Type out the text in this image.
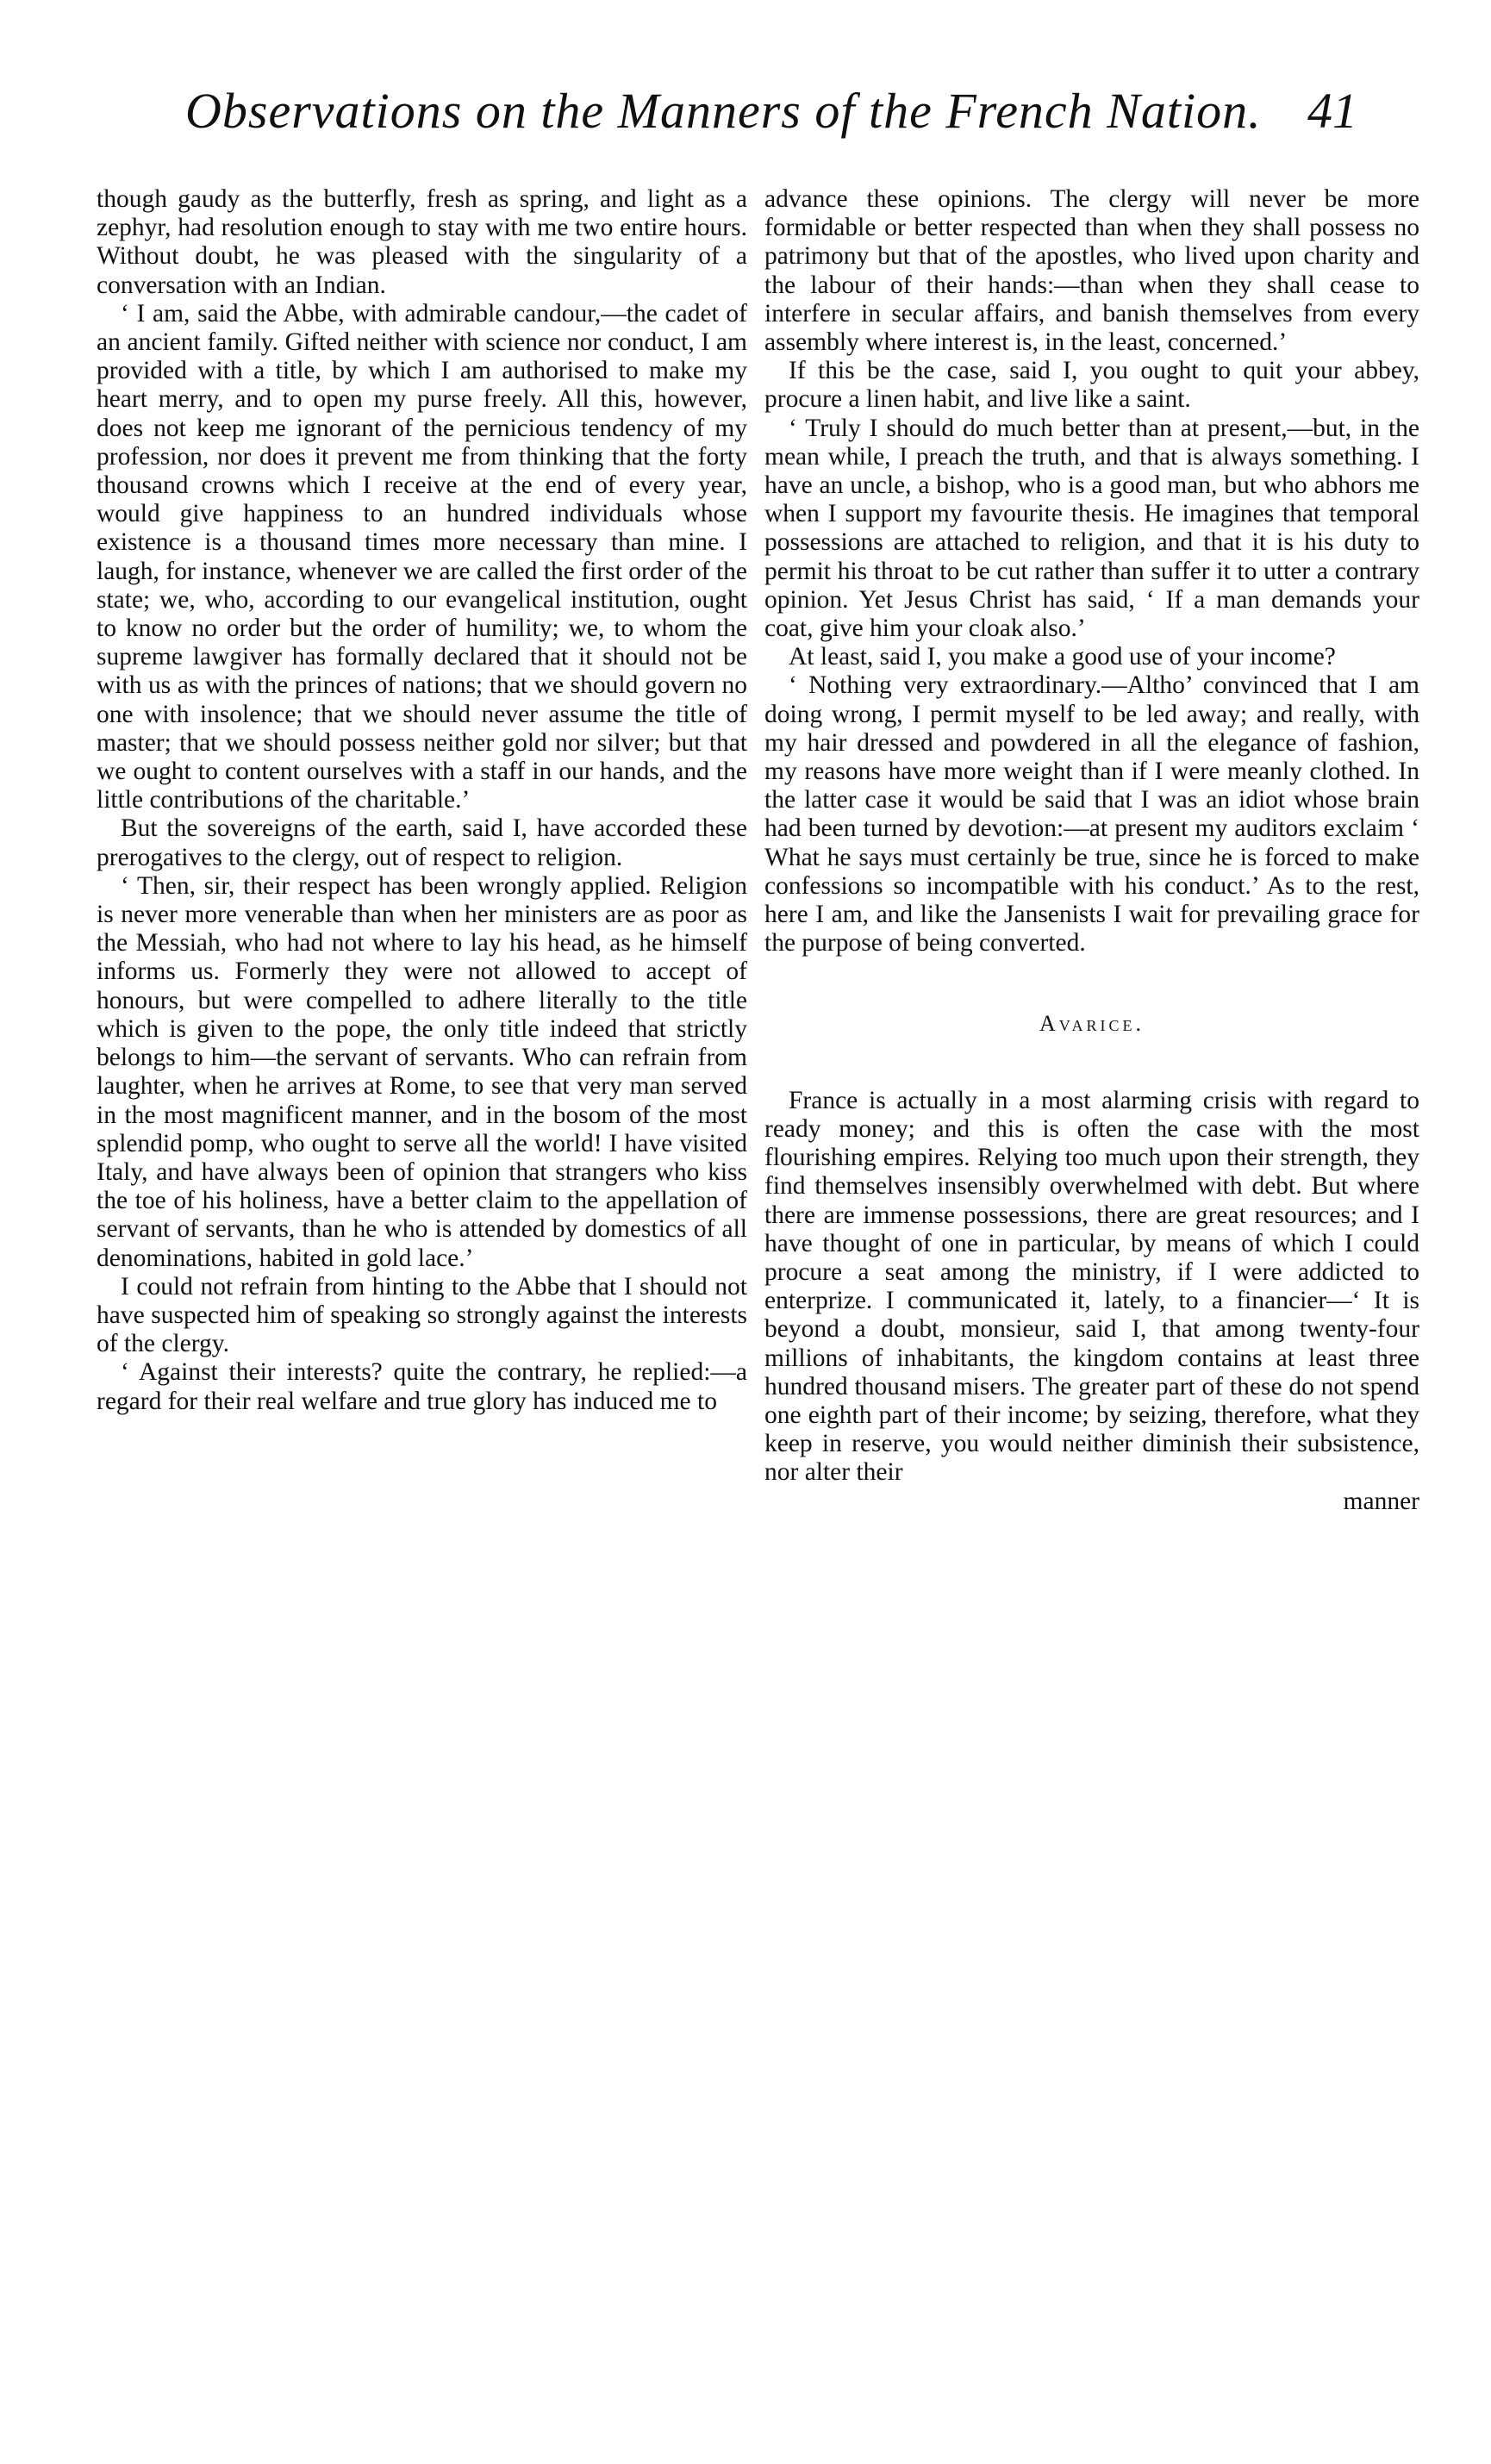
Observations on the Manners of the French Nation. 41

though gaudy as the butterfly, fresh as spring, and light as a zephyr, had resolution enough to stay with me two entire hours. Without doubt, he was pleased with the singularity of a conversation with an Indian.

‘ I am, said the Abbe, with admirable candour,—the cadet of an ancient family. Gifted neither with science nor conduct, I am provided with a title, by which I am authorised to make my heart merry, and to open my purse freely. All this, however, does not keep me ignorant of the pernicious tendency of my profession, nor does it prevent me from thinking that the forty thousand crowns which I receive at the end of every year, would give happiness to an hundred individuals whose existence is a thousand times more necessary than mine. I laugh, for instance, whenever we are called the first order of the state; we, who, according to our evangelical institution, ought to know no order but the order of humility; we, to whom the supreme lawgiver has formally declared that it should not be with us as with the princes of nations; that we should govern no one with insolence; that we should never assume the title of master; that we should possess neither gold nor silver; but that we ought to content ourselves with a staff in our hands, and the little contributions of the charitable.’

But the sovereigns of the earth, said I, have accorded these prerogatives to the clergy, out of respect to religion.

‘ Then, sir, their respect has been wrongly applied. Religion is never more venerable than when her ministers are as poor as the Messiah, who had not where to lay his head, as he himself informs us. Formerly they were not allowed to accept of honours, but were compelled to adhere literally to the title which is given to the pope, the only title indeed that strictly belongs to him—the servant of servants. Who can refrain from laughter, when he arrives at Rome, to see that very man served in the most magnificent manner, and in the bosom of the most splendid pomp, who ought to serve all the world! I have visited Italy, and have always been of opinion that strangers who kiss the toe of his holiness, have a better claim to the appellation of servant of servants, than he who is attended by domestics of all denominations, habited in gold lace.’

I could not refrain from hinting to the Abbe that I should not have suspected him of speaking so strongly against the interests of the clergy.

‘ Against their interests? quite the contrary, he replied:—a regard for their real welfare and true glory has induced me to

advance these opinions. The clergy will never be more formidable or better respected than when they shall possess no patrimony but that of the apostles, who lived upon charity and the labour of their hands:—than when they shall cease to interfere in secular affairs, and banish themselves from every assembly where interest is, in the least, concerned.’

If this be the case, said I, you ought to quit your abbey, procure a linen habit, and live like a saint.

‘ Truly I should do much better than at present,—but, in the mean while, I preach the truth, and that is always something. I have an uncle, a bishop, who is a good man, but who abhors me when I support my favourite thesis. He imagines that temporal possessions are attached to religion, and that it is his duty to permit his throat to be cut rather than suffer it to utter a contrary opinion. Yet Jesus Christ has said, ‘ If a man demands your coat, give him your cloak also.’

At least, said I, you make a good use of your income?

‘ Nothing very extraordinary.—Altho’ convinced that I am doing wrong, I permit myself to be led away; and really, with my hair dressed and powdered in all the elegance of fashion, my reasons have more weight than if I were meanly clothed. In the latter case it would be said that I was an idiot whose brain had been turned by devotion:—at present my auditors exclaim ‘ What he says must certainly be true, since he is forced to make confessions so incompatible with his conduct.’ As to the rest, here I am, and like the Jansenists I wait for prevailing grace for the purpose of being converted.

Avarice.

France is actually in a most alarming crisis with regard to ready money; and this is often the case with the most flourishing empires. Relying too much upon their strength, they find themselves insensibly overwhelmed with debt. But where there are immense possessions, there are great resources; and I have thought of one in particular, by means of which I could procure a seat among the ministry, if I were addicted to enterprize. I communicated it, lately, to a financier—‘ It is beyond a doubt, monsieur, said I, that among twenty-four millions of inhabitants, the kingdom contains at least three hundred thousand misers. The greater part of these do not spend one eighth part of their income; by seizing, therefore, what they keep in reserve, you would neither diminish their subsistence, nor alter their

manner
